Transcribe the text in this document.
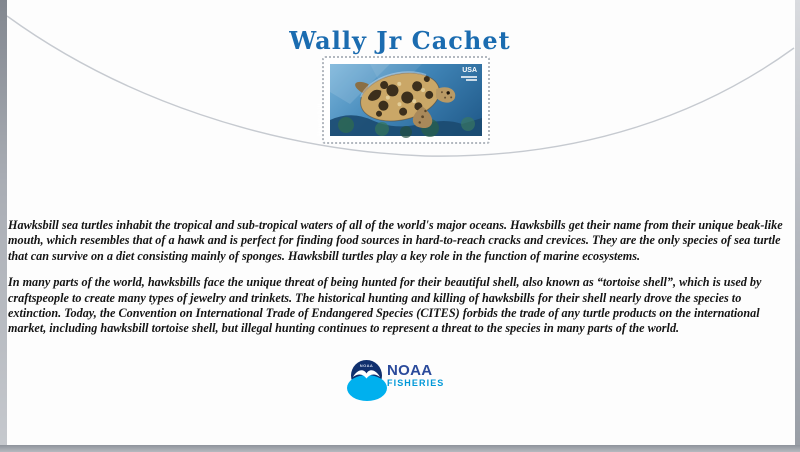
Wally Jr Cachet
USA
Hawksbill Sea Turtle

Hawksbill sea turtles inhabit the tropical and sub-tropical waters of all of the world's major oceans. Hawksbills get their name from their unique beak-like mouth, which resembles that of a hawk and is perfect for finding food sources in hard-to-reach cracks and crevices. They are the only species of sea turtle that can survive on a diet consisting mainly of sponges. Hawksbill turtles play a key role in the function of marine ecosystems.

In many parts of the world, hawksbills face the unique threat of being hunted for their beautiful shell, also known as “tortoise shell”, which is used by craftspeople to create many types of jewelry and trinkets. The historical hunting and killing of hawksbills for their shell nearly drove the species to extinction. Today, the Convention on International Trade of Endangered Species (CITES) forbids the trade of any turtle products on the international market, including hawksbill tortoise shell, but illegal hunting continues to represent a threat to the species in many parts of the world.

NOAA NOAA
FISHERIES
